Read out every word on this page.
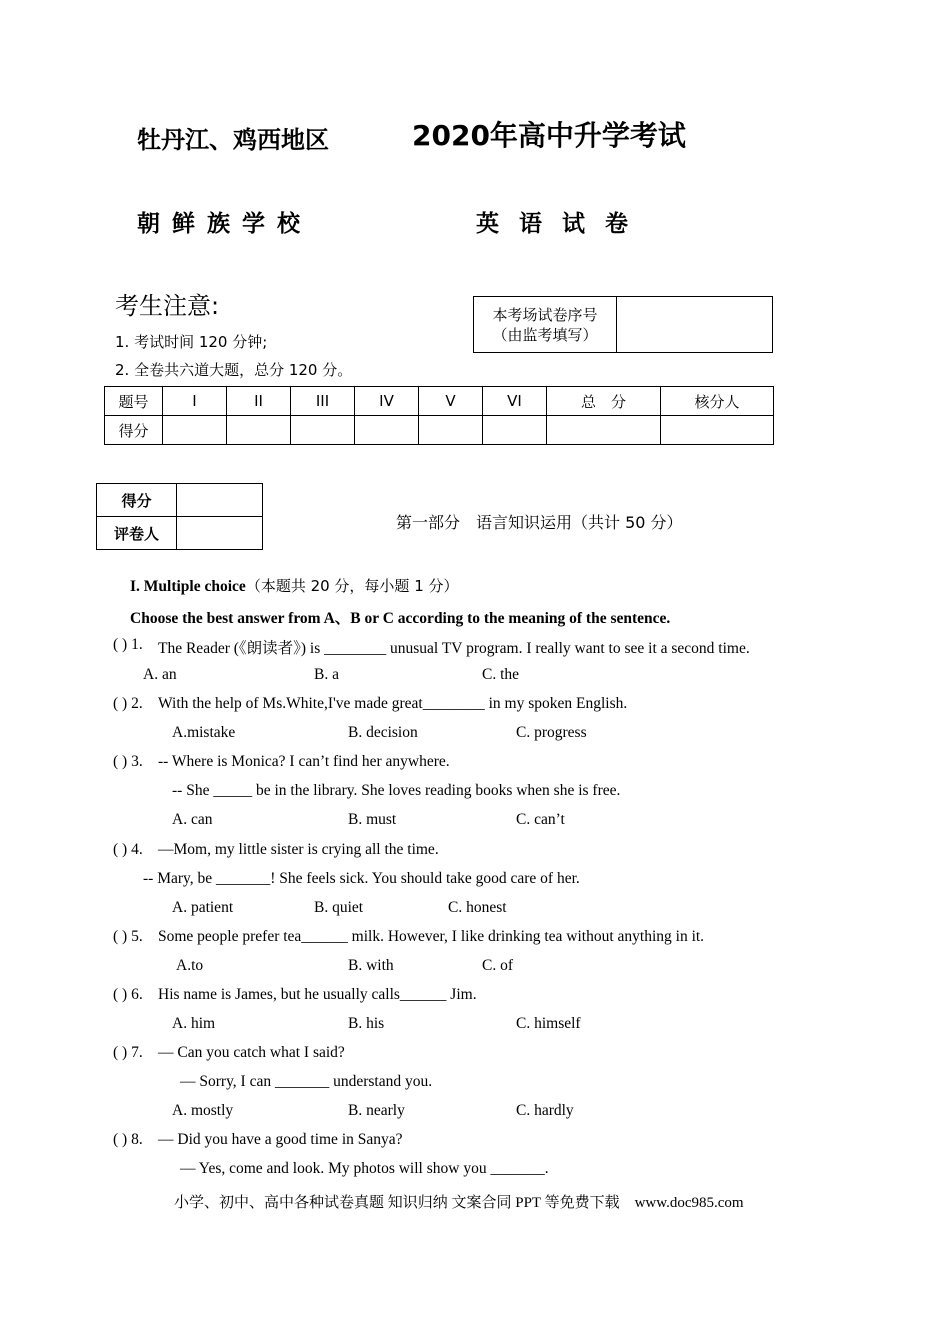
牡丹江、鸡西地区	2020年高中升学考试
朝鲜族学校	英语试卷
考生注意:
1. 考试时间 120 分钟;
2. 全卷共六道大题，总分 120 分。
本考场试卷序号
（由监考填写）

题号	I	II	III	IV	V	VI	总　分	核分人
得分								
得分	
评卷人	
第一部分　语言知识运用（共计 50 分）
I. Multiple choice（本题共 20 分，每小题 1 分）
Choose the best answer from A、B or C according to the meaning of the sentence.
( ) 1. The Reader (《朗读者》) is ________ unusual TV program. I really want to see it a second time.
A. an	B. a	C. the
( ) 2. With the help of Ms.White,I've made great________ in my spoken English.
A.mistake	B. decision	C. progress
( ) 3. -- Where is Monica? I can’t find her anywhere.
-- She _____ be in the library. She loves reading books when she is free.
A. can	B. must	C. can’t
( ) 4. —Mom, my little sister is crying all the time.
-- Mary, be _______! She feels sick. You should take good care of her.
A. patient	B. quiet	C. honest
( ) 5. Some people prefer tea______ milk. However, I like drinking tea without anything in it.
A.to	B. with	C. of
( ) 6. His name is James, but he usually calls______ Jim.
A. him	B. his	C. himself
( ) 7. — Can you catch what I said?
— Sorry, I can _______ understand you.
A. mostly	B. nearly	C. hardly
( ) 8. — Did you have a good time in Sanya?
— Yes, come and look. My photos will show you _______.
小学、初中、高中各种试卷真题 知识归纳 文案合同 PPT 等免费下载　www.doc985.com
